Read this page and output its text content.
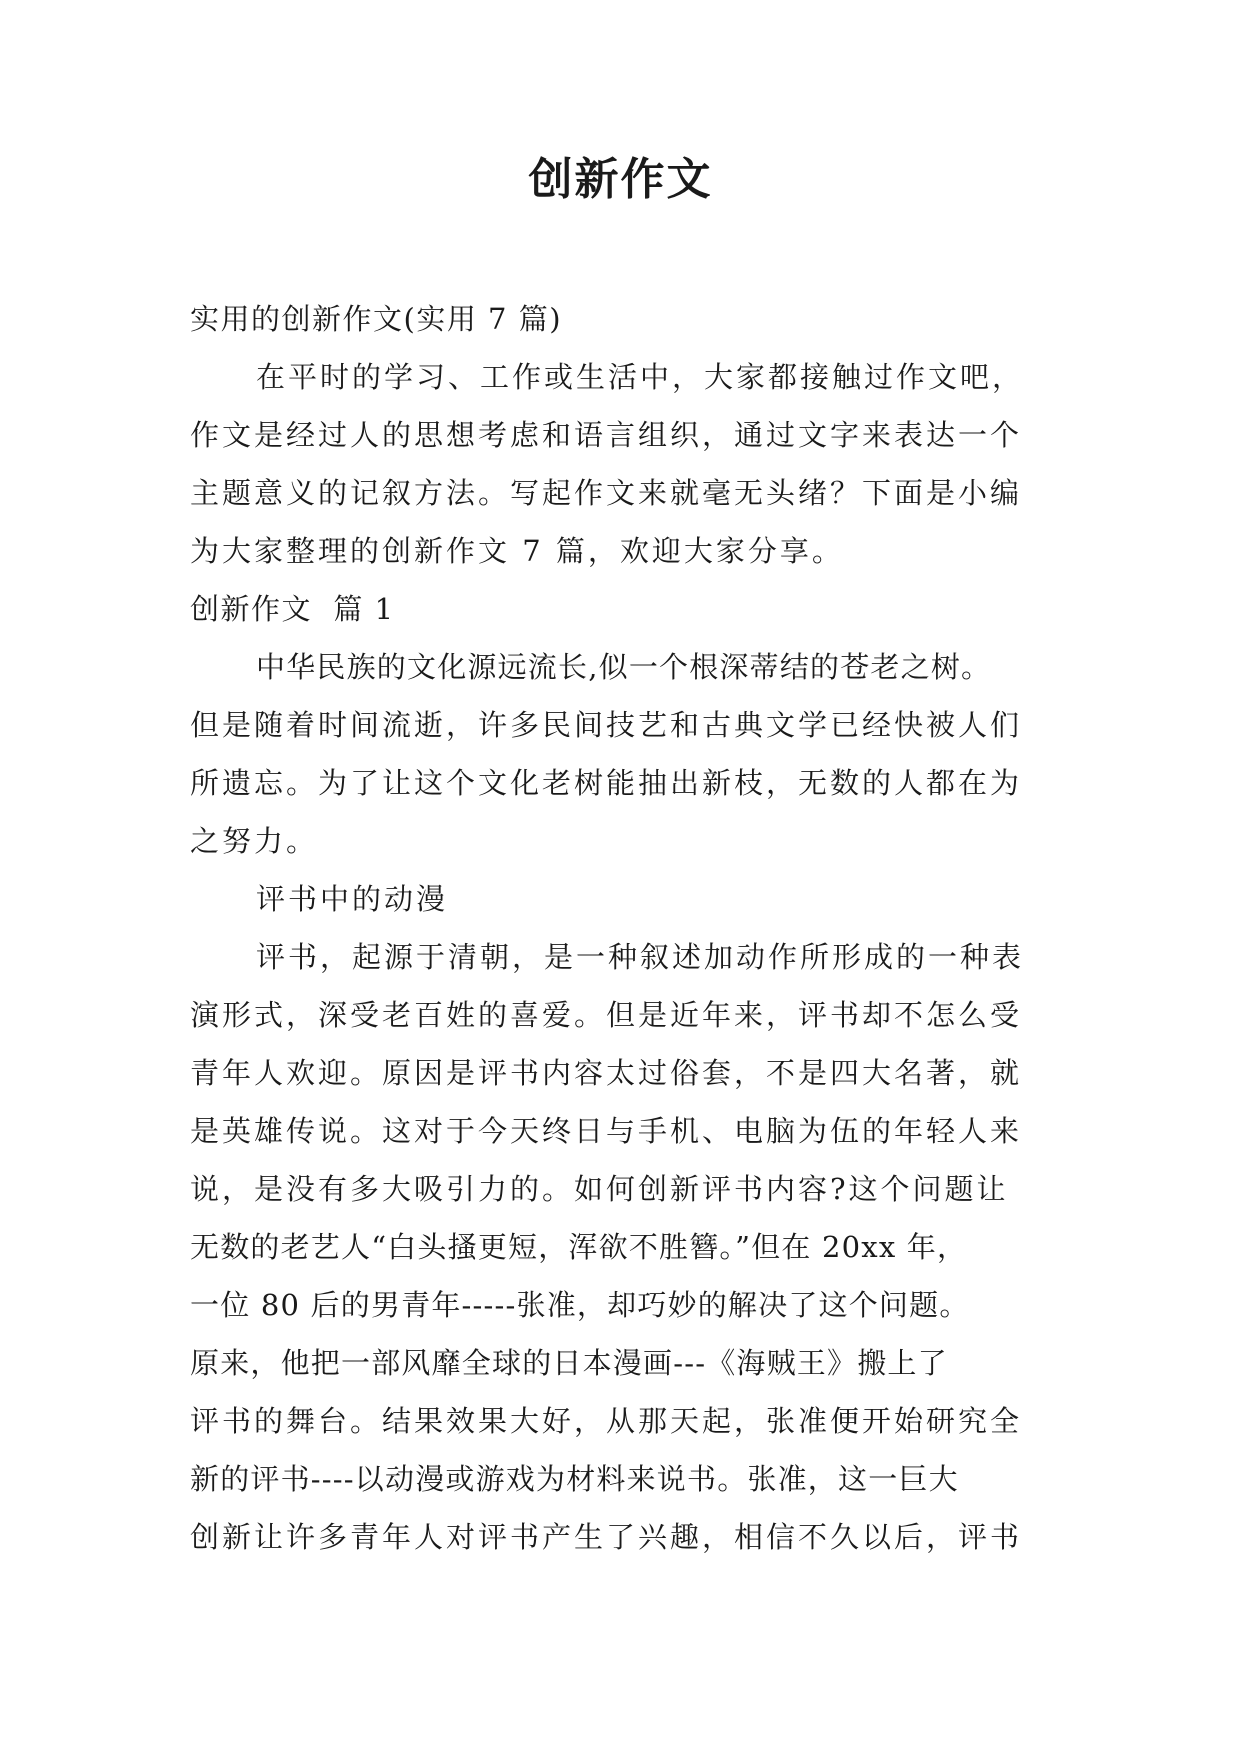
创新作文
实用的创新作文(实用 7 篇)
在平时的学习、工作或生活中，大家都接触过作文吧，
作文是经过人的思想考虑和语言组织，通过文字来表达一个
主题意义的记叙方法。写起作文来就毫无头绪？下面是小编
为大家整理的创新作文 7 篇，欢迎大家分享。
创新作文  篇 1
中华民族的文化源远流长,似一个根深蒂结的苍老之树。
但是随着时间流逝，许多民间技艺和古典文学已经快被人们
所遗忘。为了让这个文化老树能抽出新枝，无数的人都在为
之努力。
评书中的动漫
评书，起源于清朝，是一种叙述加动作所形成的一种表
演形式，深受老百姓的喜爱。但是近年来，评书却不怎么受
青年人欢迎。原因是评书内容太过俗套，不是四大名著，就
是英雄传说。这对于今天终日与手机、电脑为伍的年轻人来
说，是没有多大吸引力的。如何创新评书内容?这个问题让
无数的老艺人“白头搔更短，浑欲不胜簪。”但在 20xx 年，
一位 80 后的男青年-----张准，却巧妙的解决了这个问题。
原来，他把一部风靡全球的日本漫画---《海贼王》搬上了
评书的舞台。结果效果大好，从那天起，张准便开始研究全
新的评书----以动漫或游戏为材料来说书。张准，这一巨大
创新让许多青年人对评书产生了兴趣，相信不久以后，评书
